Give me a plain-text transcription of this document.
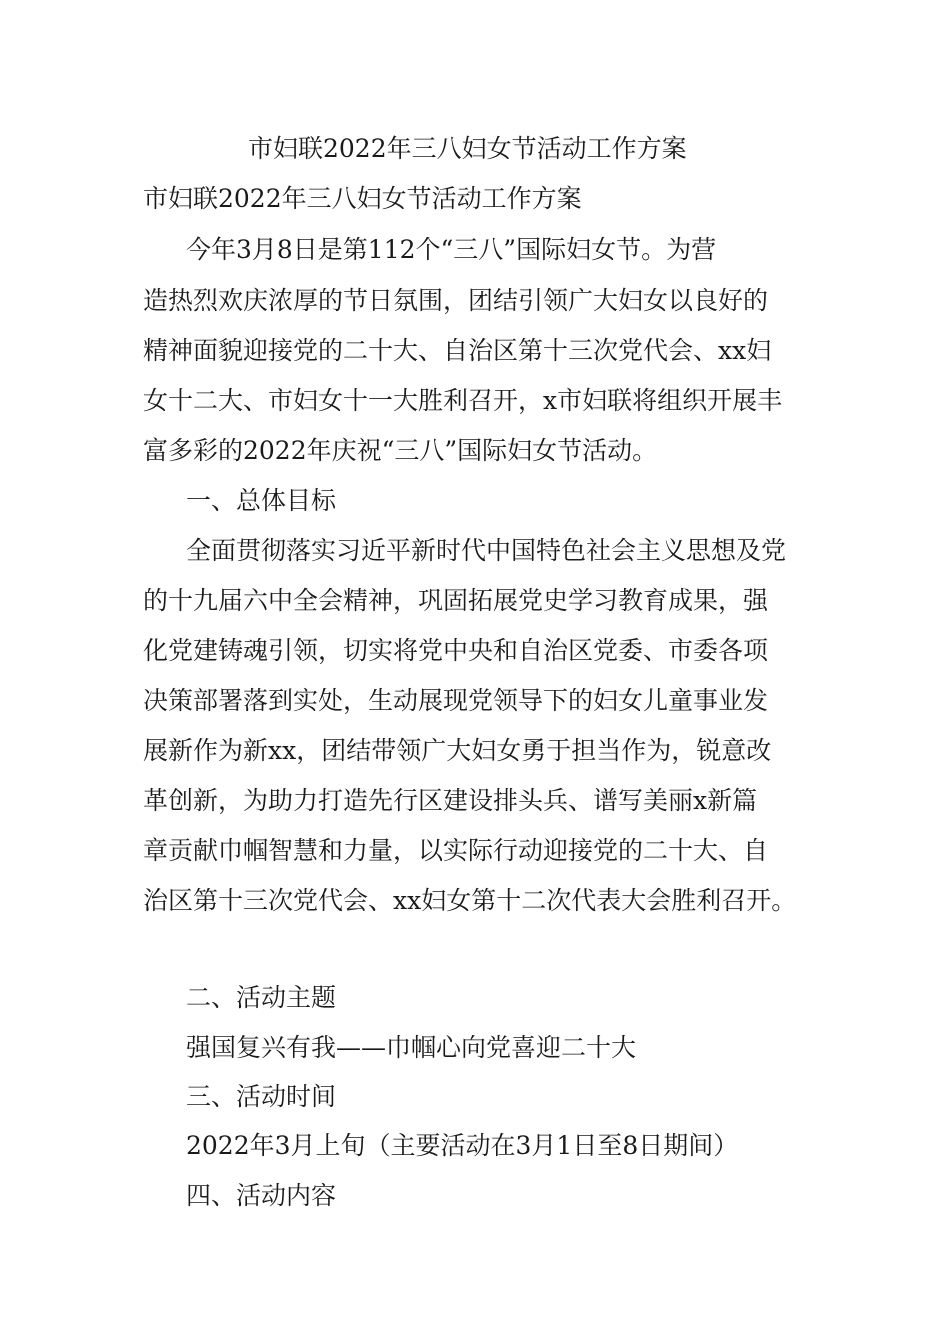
市妇联2022年三八妇女节活动工作方案
市妇联2022年三八妇女节活动工作方案
今年3月8日是第112个“三八”国际妇女节。为营
造热烈欢庆浓厚的节日氛围，团结引领广大妇女以良好的
精神面貌迎接党的二十大、自治区第十三次党代会、xx妇
女十二大、市妇女十一大胜利召开，x市妇联将组织开展丰
富多彩的2022年庆祝“三八”国际妇女节活动。
一、总体目标
全面贯彻落实习近平新时代中国特色社会主义思想及党
的十九届六中全会精神，巩固拓展党史学习教育成果，强
化党建铸魂引领，切实将党中央和自治区党委、市委各项
决策部署落到实处，生动展现党领导下的妇女儿童事业发
展新作为新xx，团结带领广大妇女勇于担当作为，锐意改
革创新，为助力打造先行区建设排头兵、谱写美丽x新篇
章贡献巾帼智慧和力量，以实际行动迎接党的二十大、自
治区第十三次党代会、xx妇女第十二次代表大会胜利召开。
二、活动主题
强国复兴有我——巾帼心向党喜迎二十大
三、活动时间
2022年3月上旬（主要活动在3月1日至8日期间）
四、活动内容
